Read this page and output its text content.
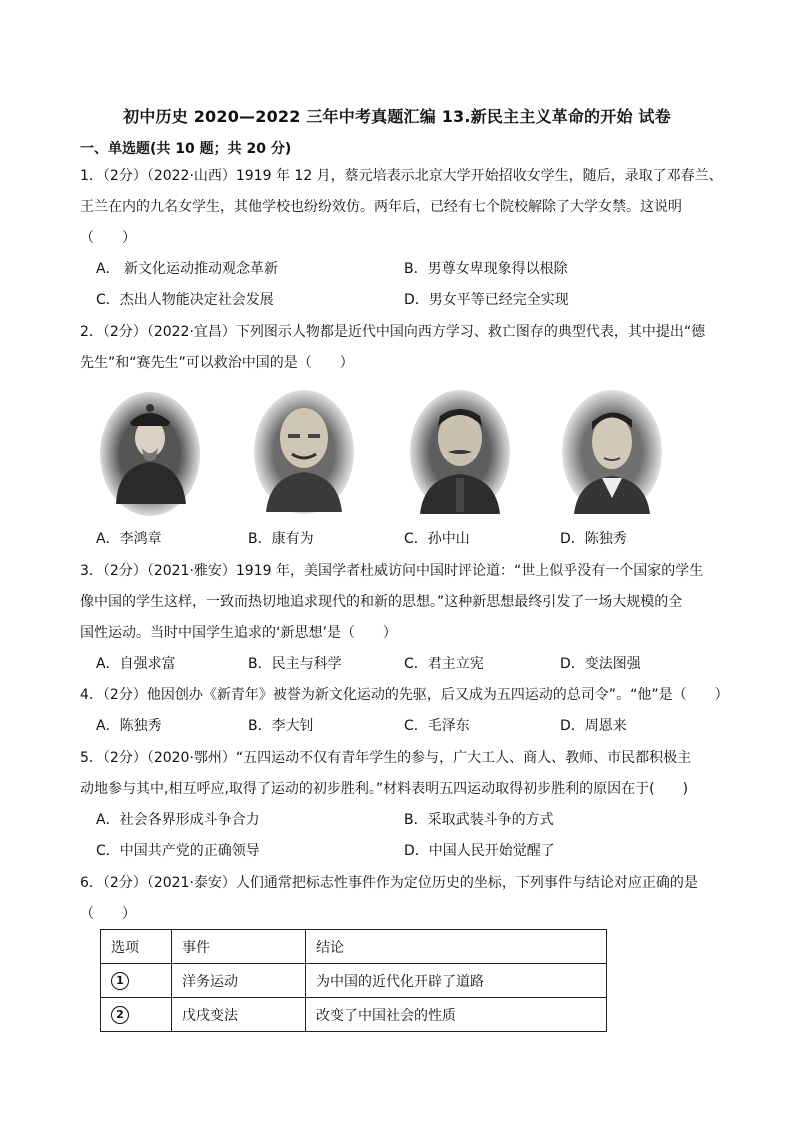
初中历史 2020—2022 三年中考真题汇编 13.新民主主义革命的开始 试卷
一、单选题(共 10 题；共 20 分)
1．（2分）（2022·山西）1919 年 12 月，蔡元培表示北京大学开始招收女学生，随后，录取了邓春兰、
王兰在内的九名女学生，其他学校也纷纷效仿。两年后，已经有七个院校解除了大学女禁。这说明
（　　）
A． 新文化运动推动观念革新	B．男尊女卑现象得以根除
C．杰出人物能决定社会发展	D．男女平等已经完全实现
2．（2分）（2022·宜昌）下列图示人物都是近代中国向西方学习、救亡图存的典型代表，其中提出“德
先生”和“赛先生”可以救治中国的是（　　）
A．李鸿章	B．康有为	C．孙中山	D．陈独秀
3．（2分）（2021·雅安）1919 年，美国学者杜威访问中国时评论道：“世上似乎没有一个国家的学生
像中国的学生这样，一致而热切地追求现代的和新的思想。”这种新思想最终引发了一场大规模的全
国性运动。当时中国学生追求的‘新思想’是（　　）
A．自强求富	B．民主与科学	C．君主立宪	D．变法图强
4．（2分）他因创办《新青年》被誉为新文化运动的先驱，后又成为五四运动的总司令”。“他”是（　　）
A．陈独秀	B．李大钊	C．毛泽东	D．周恩来
5．（2分）（2020·鄂州）“五四运动不仅有青年学生的参与，广大工人、商人、教师、市民都积极主
动地参与其中,相互呼应,取得了运动的初步胜利。”材料表明五四运动取得初步胜利的原因在于(　　)
A．社会各界形成斗争合力	B．采取武装斗争的方式
C．中国共产党的正确领导	D．中国人民开始觉醒了
6．（2分）（2021·泰安）人们通常把标志性事件作为定位历史的坐标，下列事件与结论对应正确的是
（　　）
选项	事件	结论
1	洋务运动	为中国的近代化开辟了道路
2	戊戌变法	改变了中国社会的性质
